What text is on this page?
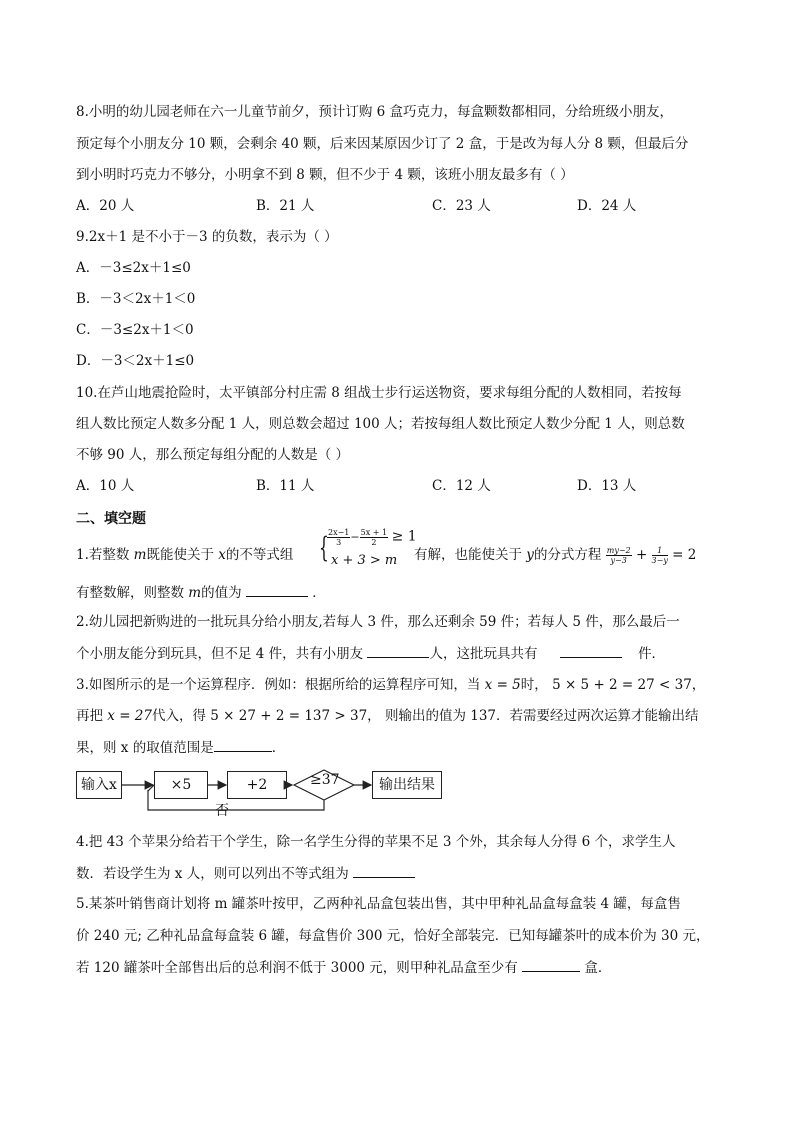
8.小明的幼儿园老师在六一儿童节前夕，预计订购 6 盒巧克力，每盒颗数都相同，分给班级小朋友，
预定每个小朋友分 10 颗，会剩余 40 颗，后来因某原因少订了 2 盒，于是改为每人分 8 颗，但最后分
到小明时巧克力不够分，小明拿不到 8 颗，但不少于 4 颗，该班小朋友最多有（ ）
A．20 人	B．21 人	C．23 人	D．24 人
9.2x＋1 是不小于－3 的负数，表示为（ ）
A．－3≤2x＋1≤0
B．－3＜2x＋1＜0
C．－3≤2x＋1＜0
D．－3＜2x＋1≤0
10.在芦山地震抢险时，太平镇部分村庄需 8 组战士步行运送物资，要求每组分配的人数相同，若按每
组人数比预定人数多分配 1 人，则总数会超过 100 人；若按每组人数比预定人数少分配 1 人，则总数
不够 90 人，那么预定每组分配的人数是（ ）
A．10 人	B．11 人	C．12 人	D．13 人
二、填空题
1.若整数 m既能使关于 x的不等式组 {
$\frac{2x-1}{3} - \frac{5x + 1}{2} \ge 1$
x + 3 > m 有解，也能使关于 y的分式方程 $\frac{my-2}{y-3} + \frac{1}{3-y} = 2$
有整数解，则整数 m的值为	．
2.幼儿园把新购进的一批玩具分给小朋友,若每人 3 件，那么还剩余 59 件；若每人 5 件，那么最后一
个小朋友能分到玩具，但不足 4 件，共有小朋友	人，这批玩具共有	件．
3.如图所示的是一个运算程序．例如：根据所给的运算程序可知，当 x = 5时， 5 × 5 + 2 = 27 < 37，
再把 x = 27代入，得 5 × 27 + 2 = 137 > 37， 则输出的值为 137．若需要经过两次运算才能输出结
果，则 x 的取值范围是	．
输入x	×5	+2	≥37	输出结果
否
4.把 43 个苹果分给若干个学生，除一名学生分得的苹果不足 3 个外，其余每人分得 6 个，求学生人
数．若设学生为 x 人，则可以列出不等式组为
5.某茶叶销售商计划将 m 罐茶叶按甲，乙两种礼品盒包装出售，其中甲种礼品盒每盒装 4 罐，每盒售
价 240 元; 乙种礼品盒每盒装 6 罐，每盒售价 300 元，恰好全部装完．已知每罐茶叶的成本价为 30 元，
若 120 罐茶叶全部售出后的总利润不低于 3000 元，则甲种礼品盒至少有	盒．
